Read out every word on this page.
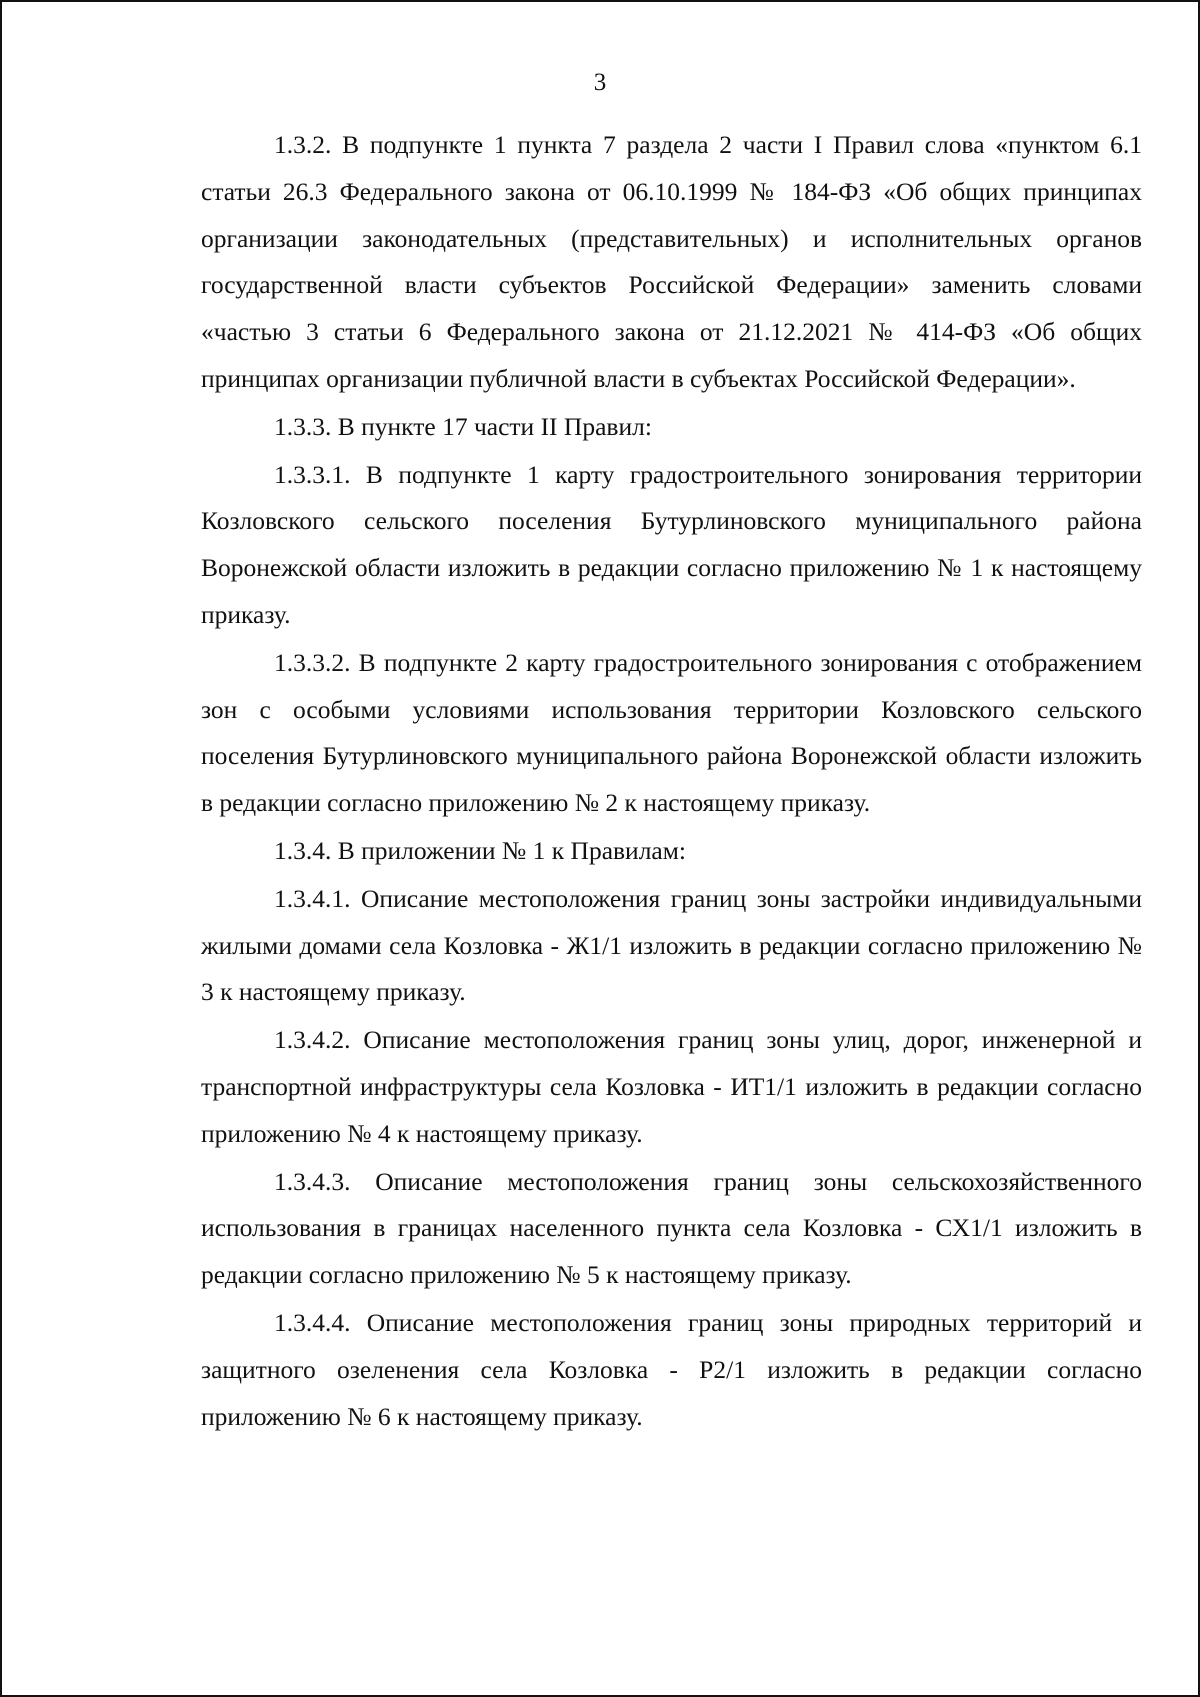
3

1.3.2. В подпункте 1 пункта 7 раздела 2 части I Правил слова «пунктом 6.1 статьи 26.3 Федерального закона от 06.10.1999 № 184-ФЗ «Об общих принципах организации законодательных (представительных) и исполнительных органов государственной власти субъектов Российской Федерации» заменить словами «частью 3 статьи 6 Федерального закона от 21.12.2021 № 414-ФЗ «Об общих принципах организации публичной власти в субъектах Российской Федерации».

1.3.3. В пункте 17 части II Правил:

1.3.3.1. В подпункте 1 карту градостроительного зонирования территории Козловского сельского поселения Бутурлиновского муниципального района Воронежской области изложить в редакции согласно приложению № 1 к настоящему приказу.

1.3.3.2. В подпункте 2 карту градостроительного зонирования с отображением зон с особыми условиями использования территории Козловского сельского поселения Бутурлиновского муниципального района Воронежской области изложить в редакции согласно приложению № 2 к настоящему приказу.

1.3.4. В приложении № 1 к Правилам:

1.3.4.1. Описание местоположения границ зоны застройки индивидуальными жилыми домами села Козловка - Ж1/1 изложить в редакции согласно приложению № 3 к настоящему приказу.

1.3.4.2. Описание местоположения границ зоны улиц, дорог, инженерной и транспортной инфраструктуры села Козловка - ИТ1/1 изложить в редакции согласно приложению № 4 к настоящему приказу.

1.3.4.3. Описание местоположения границ зоны сельскохозяйственного использования в границах населенного пункта села Козловка - СХ1/1 изложить в редакции согласно приложению № 5 к настоящему приказу.

1.3.4.4. Описание местоположения границ зоны природных территорий и защитного озеленения села Козловка - Р2/1 изложить в редакции согласно приложению № 6 к настоящему приказу.
